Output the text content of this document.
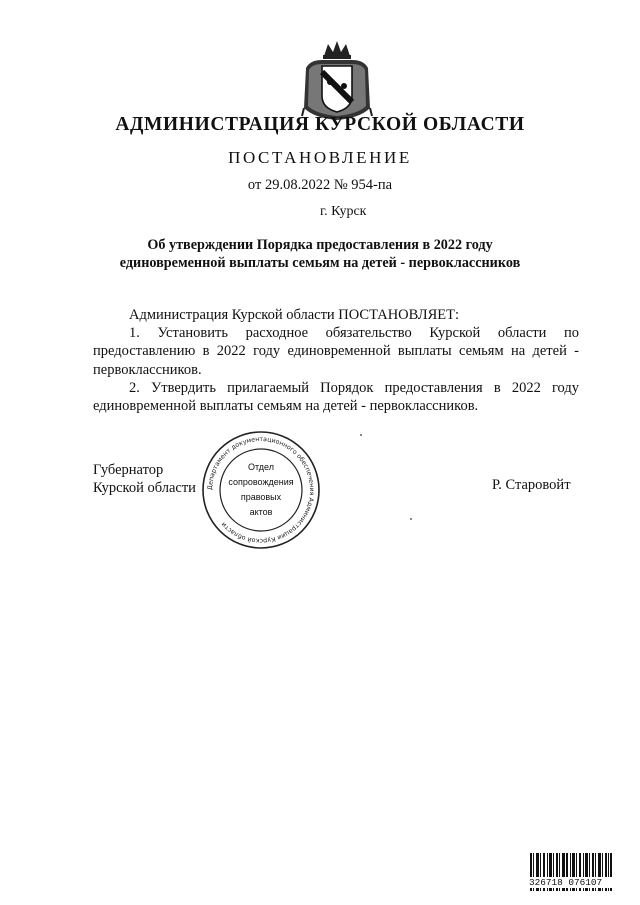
АДМИНИСТРАЦИЯ КУРСКОЙ ОБЛАСТИ
ПОСТАНОВЛЕНИЕ
от 29.08.2022 № 954-па
г. Курск
Об утверждении Порядка предоставления в 2022 году
единовременной выплаты семьям на детей - первоклассников

Администрация Курской области ПОСТАНОВЛЯЕТ:

1. Установить расходное обязательство Курской области по предоставлению в 2022 году единовременной выплаты семьям на детей - первоклассников.

2. Утвердить прилагаемый Порядок предоставления в 2022 году единовременной выплаты семьям на детей - первоклассников.

Губернатор
Курской области Департамент документационного обеспечения Администрации Курской области
Отдел
сопровождения
правовых
актов
Р. Старовойт
326718 076107
